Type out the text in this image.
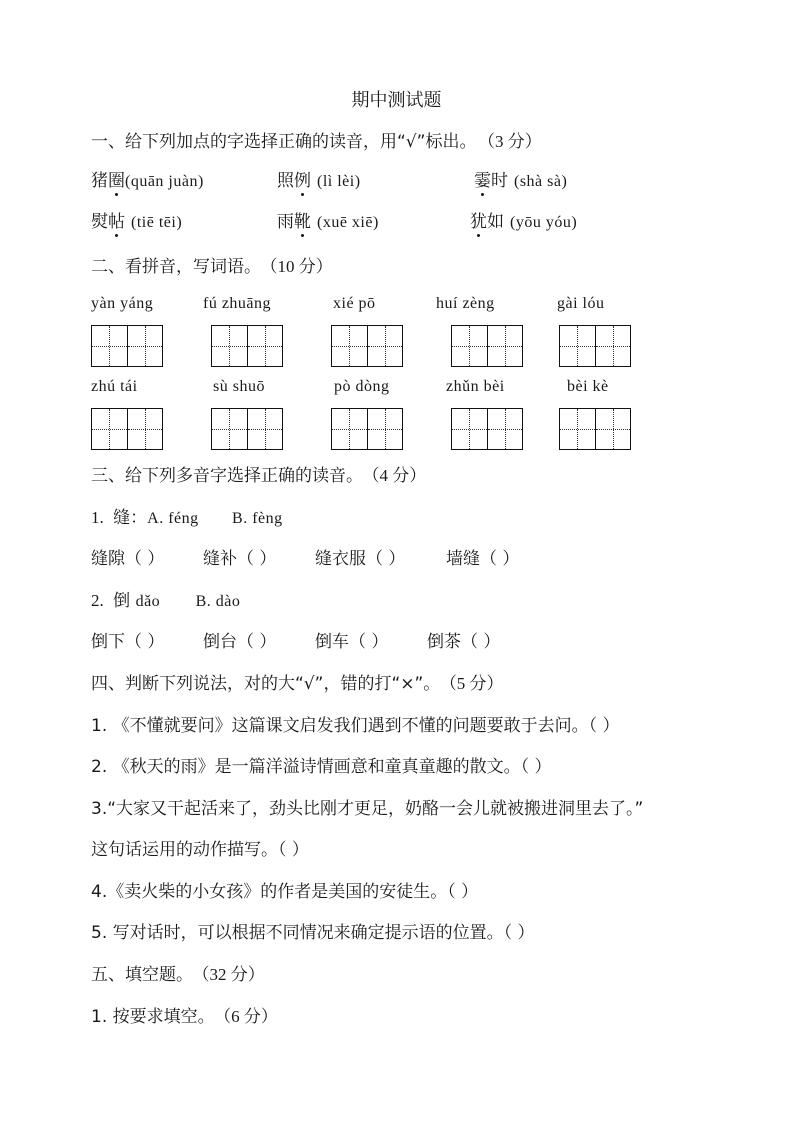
期中测试题
一、给下列加点的字选择正确的读音，用“√”标出。 （3 分）
猪圈(quān juàn)	照例 (lì lèi)	霎时 (shà sà)
熨帖 (tiē tēi)	雨靴 (xuē xiē)	犹如 (yōu yóu)
二、看拼音，写词语。 （10 分）
yàn yáng	fú zhuāng	xié pō	huí zèng	gài lóu
zhú tái	sù shuō	pò dòng	zhǔn bèi	bèi kè
三、给下列多音字选择正确的读音。 （4 分）
1. 缝：A. féng B. fèng
缝隙（ ） 缝补（ ） 缝衣服（ ） 墙缝（ ）
2. 倒 dǎo B. dào
倒下（ ） 倒台（ ） 倒车（ ） 倒茶（ ）
四、判断下列说法，对的大“√”，错的打“×”。 （5 分）
1. 《不懂就要问》这篇课文启发我们遇到不懂的问题要敢于去问。（ ）
2. 《秋天的雨》是一篇洋溢诗情画意和童真童趣的散文。（ ）
3.“大家又干起活来了，劲头比刚才更足，奶酪一会儿就被搬进洞里去了。”
这句话运用的动作描写。（ ）
4.《卖火柴的小女孩》的作者是美国的安徒生。（ ）
5. 写对话时，可以根据不同情况来确定提示语的位置。（ ）
五、填空题。 （32 分）
1. 按要求填空。 （6 分）
